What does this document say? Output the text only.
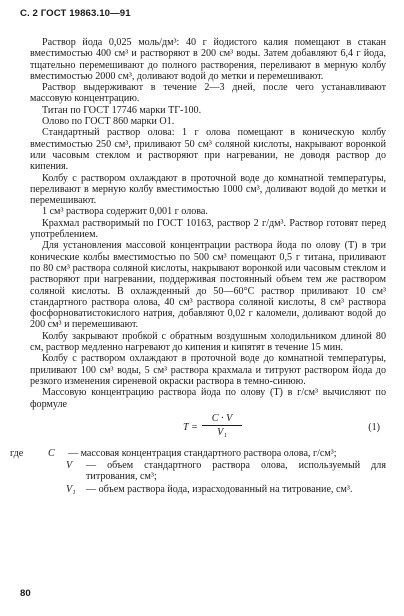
С. 2 ГОСТ 19863.10—91

Раствор йода 0,025 моль/дм³: 40 г йодистого калия помещают в стакан вместимостью 400 см³ и растворяют в 200 см³ воды. Затем добавляют 6,4 г йода, тщательно перемешивают до полного растворения, переливают в мерную колбу вместимостью 2000 см³, доливают водой до метки и перемешивают.

Раствор выдерживают в течение 2—3 дней, после чего устанавливают массовую концентрацию.

Титан по ГОСТ 17746 марки ТГ-100.

Олово по ГОСТ 860 марки О1.

Стандартный раствор олова: 1 г олова помещают в коническую колбу вместимостью 250 см³, приливают 50 см³ соляной кислоты, накрывают воронкой или часовым стеклом и растворяют при нагревании, не доводя раствор до кипения.

Колбу с раствором охлаждают в проточной воде до комнатной температуры, переливают в мерную колбу вместимостью 1000 см³, доливают водой до метки и перемешивают.

1 см³ раствора содержит 0,001 г олова.

Крахмал растворимый по ГОСТ 10163, раствор 2 г/дм³. Раствор готовят перед употреблением.

Для установления массовой концентрации раствора йода по олову (Т) в три конические колбы вместимостью по 500 см³ помещают 0,5 г титана, приливают по 80 см³ раствора соляной кислоты, накрывают воронкой или часовым стеклом и растворяют при нагревании, поддерживая постоянный объем тем же раствором соляной кислоты. В охлажденный до 50—60°С раствор приливают 10 см³ стандартного раствора олова, 40 см³ раствора соляной кислоты, 8 см³ раствора фосфорноватистокислого натрия, добавляют 0,02 г каломели, доливают водой до 200 см³ и перемешивают.

Колбу закрывают пробкой с обратным воздушным холодильником длиной 80 см, раствор медленно нагревают до кипения и кипятят в течение 15 мин.

Колбу с раствором охлаждают в проточной воде до комнатной температуры, приливают 100 см³ воды, 5 см³ раствора крахмала и титруют раствором йода до резкого изменения сиреневой окраски раствора в темно-синюю.

Массовую концентрацию раствора йода по олову (Т) в г/см³ вычисляют по формуле

$T = \frac{C \cdot V}{\text{V₁}}$	(1)
где	C	— массовая концентрация стандартного раствора олова, г/см³;
V	— объем стандартного раствора олова, используемый для титрования, см³;
V₁	— объем раствора йода, израсходованный на титрование, см³.
80
